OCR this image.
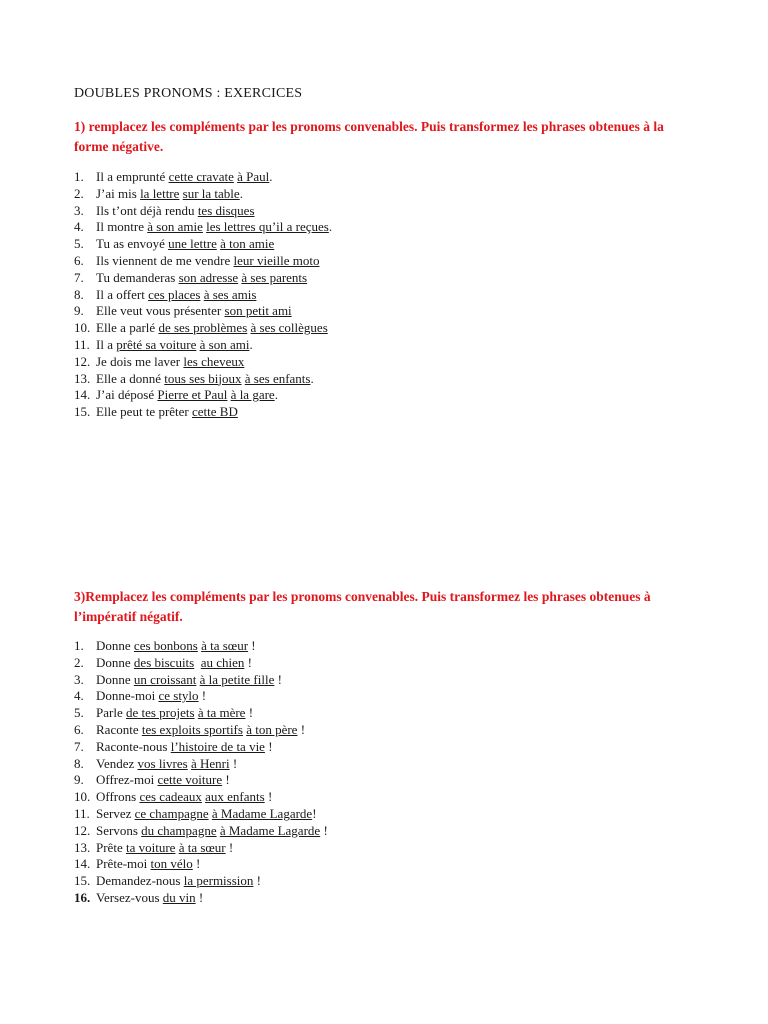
DOUBLES PRONOMS : EXERCICES
1) remplacez les compléments par les pronoms convenables. Puis transformez les phrases obtenues à la forme négative.
1. Il a emprunté cette cravate à Paul.
2. J’ai mis la lettre sur la table.
3. Ils t’ont déjà rendu tes disques
4. Il montre à son amie les lettres qu’il a reçues.
5. Tu as envoyé une lettre à ton amie
6. Ils viennent de me vendre leur vieille moto
7. Tu demanderas son adresse à ses parents
8. Il a offert ces places à ses amis
9. Elle veut vous présenter son petit ami
10. Elle a parlé de ses problèmes à ses collègues
11. Il a prêté sa voiture à son ami.
12. Je dois me laver les cheveux
13. Elle a donné tous ses bijoux à ses enfants.
14. J’ai déposé Pierre et Paul à la gare.
15. Elle peut te prêter cette BD
3)Remplacez les compléments par les pronoms convenables. Puis transformez les phrases obtenues à l’impératif négatif.
1. Donne ces bonbons à ta sœur !
2. Donne des biscuits au chien !
3. Donne un croissant à la petite fille !
4. Donne-moi ce stylo !
5. Parle de tes projets à ta mère !
6. Raconte tes exploits sportifs à ton père !
7. Raconte-nous l’histoire de ta vie !
8. Vendez vos livres à Henri !
9. Offrez-moi cette voiture !
10. Offrons ces cadeaux aux enfants !
11. Servez ce champagne à Madame Lagarde!
12. Servons du champagne à Madame Lagarde !
13. Prête ta voiture à ta sœur !
14. Prête-moi ton vélo !
15. Demandez-nous la permission !
16. Versez-vous du vin !
